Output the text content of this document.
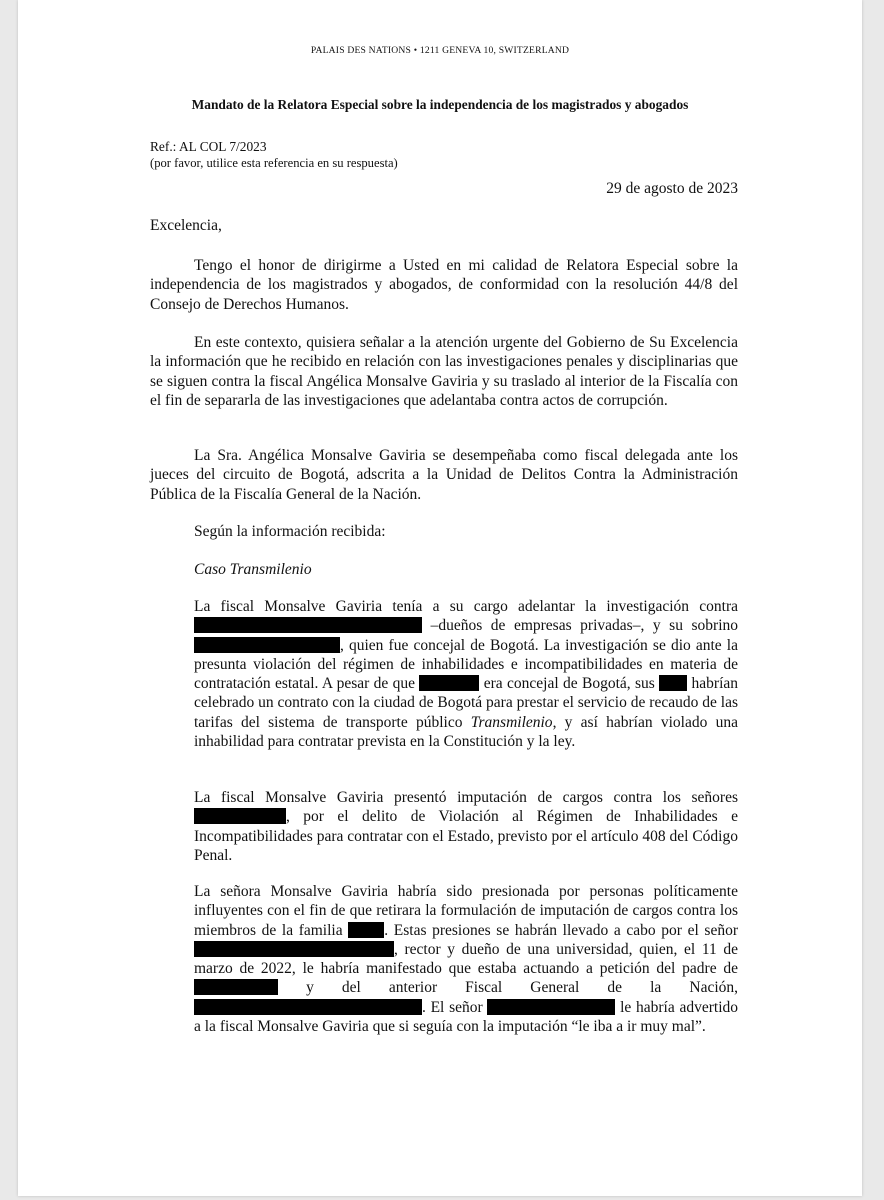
PALAIS DES NATIONS • 1211 GENEVA 10, SWITZERLAND
Mandato de la Relatora Especial sobre la independencia de los magistrados y abogados
Ref.: AL COL 7/2023
(por favor, utilice esta referencia en su respuesta)
29 de agosto de 2023
Excelencia,

Tengo el honor de dirigirme a Usted en mi calidad de Relatora Especial sobre la independencia de los magistrados y abogados, de conformidad con la resolución 44/8 del Consejo de Derechos Humanos.

En este contexto, quisiera señalar a la atención urgente del Gobierno de Su Excelencia la información que he recibido en relación con las investigaciones penales y disciplinarias que se siguen contra la fiscal Angélica Monsalve Gaviria y su traslado al interior de la Fiscalía con el fin de separarla de las investigaciones que adelantaba contra actos de corrupción.

La Sra. Angélica Monsalve Gaviria se desempeñaba como fiscal delegada ante los jueces del circuito de Bogotá, adscrita a la Unidad de Delitos Contra la Administración Pública de la Fiscalía General de la Nación.

Según la información recibida:

Caso Transmilenio

La fiscal Monsalve Gaviria tenía a su cargo adelantar la investigación contra  –dueños de empresas privadas–, y su sobrino , quien fue concejal de Bogotá. La investigación se dio ante la presunta violación del régimen de inhabilidades e incompatibilidades en materia de contratación estatal. A pesar de que	era concejal de Bogotá, sus habrían celebrado un contrato con la ciudad de Bogotá para prestar el servicio de recaudo de las tarifas del sistema de transporte público Transmilenio, y así habrían violado una inhabilidad para contratar prevista en la Constitución y la ley.

La fiscal Monsalve Gaviria presentó imputación de cargos contra los señores , por el delito de Violación al Régimen de Inhabilidades e Incompatibilidades para contratar con el Estado, previsto por el artículo 408 del Código Penal.

La señora Monsalve Gaviria habría sido presionada por personas políticamente influyentes con el fin de que retirara la formulación de imputación de cargos contra los miembros de la familia	. Estas presiones se habrán llevado a cabo por el señor , rector y dueño de una universidad, quien, el 11 de marzo de 2022, le habría manifestado que estaba actuando a petición del padre de  y del anterior Fiscal General de la Nación, . El señor	le habría advertido a la fiscal Monsalve Gaviria que si seguía con la imputación “le iba a ir muy mal”.
